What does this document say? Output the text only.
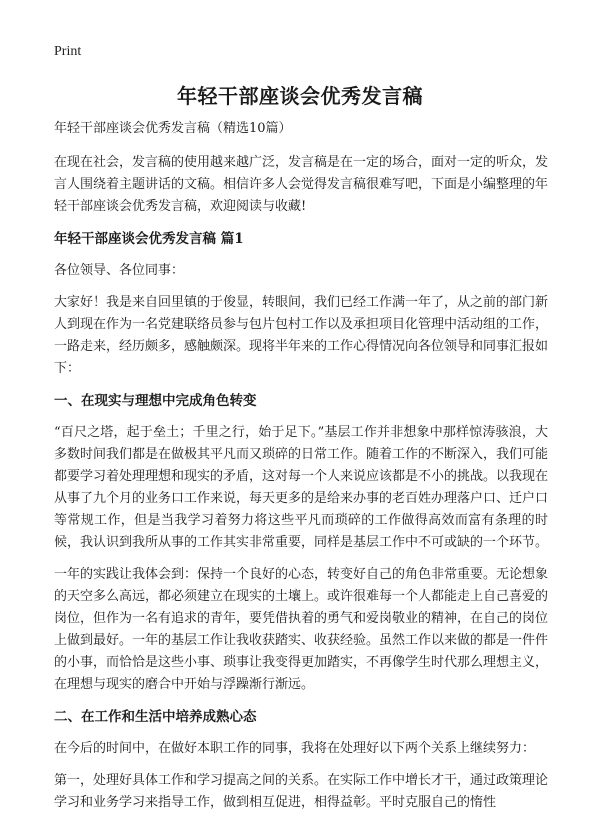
Print
年轻干部座谈会优秀发言稿

年轻干部座谈会优秀发言稿（精选10篇）

在现在社会，发言稿的使用越来越广泛，发言稿是在一定的场合，面对一定的听众，发言人围绕着主题讲话的文稿。相信许多人会觉得发言稿很难写吧，下面是小编整理的年轻干部座谈会优秀发言稿，欢迎阅读与收藏!

年轻干部座谈会优秀发言稿 篇1

各位领导、各位同事：

大家好！我是来自回里镇的于俊显，转眼间，我们已经工作满一年了，从之前的部门新人到现在作为一名党建联络员参与包片包村工作以及承担项目化管理中活动组的工作，一路走来，经历颇多，感触颇深。现将半年来的工作心得情况向各位领导和同事汇报如下：

一、在现实与理想中完成角色转变

“百尺之塔，起于垒土；千里之行，始于足下。”基层工作并非想象中那样惊涛骇浪，大多数时间我们都是在做极其平凡而又琐碎的日常工作。随着工作的不断深入，我们可能都要学习着处理理想和现实的矛盾，这对每一个人来说应该都是不小的挑战。以我现在从事了九个月的业务口工作来说，每天更多的是给来办事的老百姓办理落户口、迁户口等常规工作，但是当我学习着努力将这些平凡而琐碎的工作做得高效而富有条理的时候，我认识到我所从事的工作其实非常重要，同样是基层工作中不可或缺的一个环节。

一年的实践让我体会到：保持一个良好的心态，转变好自己的角色非常重要。无论想象的天空多么高远，都必须建立在现实的土壤上。或许很难每一个人都能走上自己喜爱的岗位，但作为一名有追求的青年，要凭借执着的勇气和爱岗敬业的精神，在自己的岗位上做到最好。一年的基层工作让我收获踏实、收获经验。虽然工作以来做的都是一件件的小事，而恰恰是这些小事、琐事让我变得更加踏实，不再像学生时代那么理想主义，在理想与现实的磨合中开始与浮躁渐行渐远。

二、在工作和生活中培养成熟心态

在今后的时间中，在做好本职工作的同事，我将在处理好以下两个关系上继续努力：

第一，处理好具体工作和学习提高之间的关系。在实际工作中增长才干，通过政策理论学习和业务学习来指导工作，做到相互促进，相得益彰。平时克服自己的惰性
